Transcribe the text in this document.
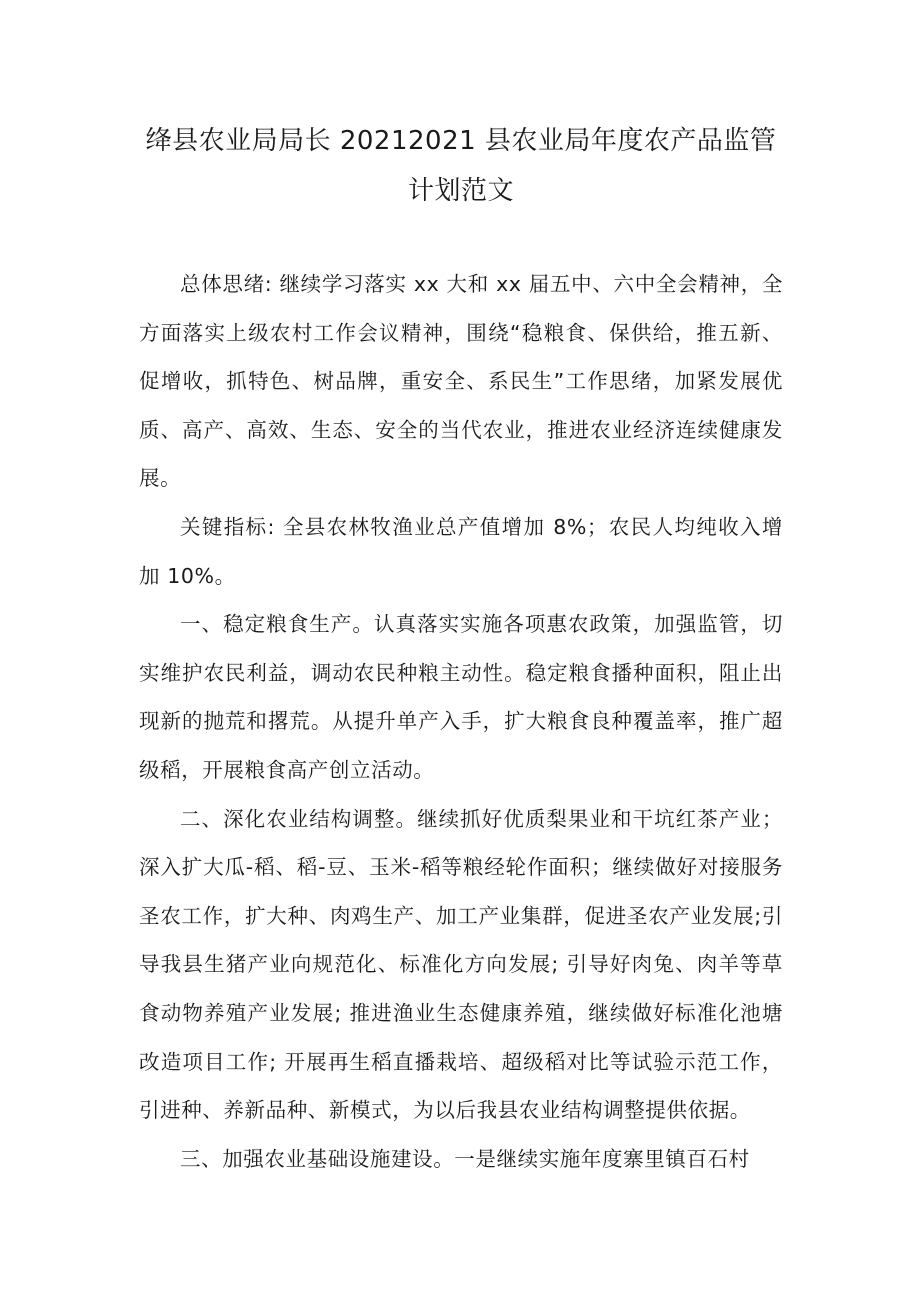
绛县农业局局长 20212021 县农业局年度农产品监管计划范文

总体思绪: 继续学习落实 xx 大和 xx 届五中、六中全会精神，全方面落实上级农村工作会议精神，围绕“稳粮食、保供给，推五新、促增收，抓特色、树品牌，重安全、系民生”工作思绪，加紧发展优质、高产、高效、生态、安全的当代农业，推进农业经济连续健康发展。

关键指标: 全县农林牧渔业总产值增加 8%；农民人均纯收入增加 10%。

一、稳定粮食生产。认真落实实施各项惠农政策，加强监管，切实维护农民利益，调动农民种粮主动性。稳定粮食播种面积，阻止出现新的抛荒和撂荒。从提升单产入手，扩大粮食良种覆盖率，推广超级稻，开展粮食高产创立活动。

二、深化农业结构调整。继续抓好优质梨果业和干坑红茶产业；深入扩大瓜-稻、稻-豆、玉米-稻等粮经轮作面积；继续做好对接服务圣农工作，扩大种、肉鸡生产、加工产业集群，促进圣农产业发展;引导我县生猪产业向规范化、标准化方向发展; 引导好肉兔、肉羊等草食动物养殖产业发展; 推进渔业生态健康养殖，继续做好标准化池塘改造项目工作; 开展再生稻直播栽培、超级稻对比等试验示范工作，引进种、养新品种、新模式，为以后我县农业结构调整提供依据。

三、加强农业基础设施建设。一是继续实施年度寨里镇百石村
